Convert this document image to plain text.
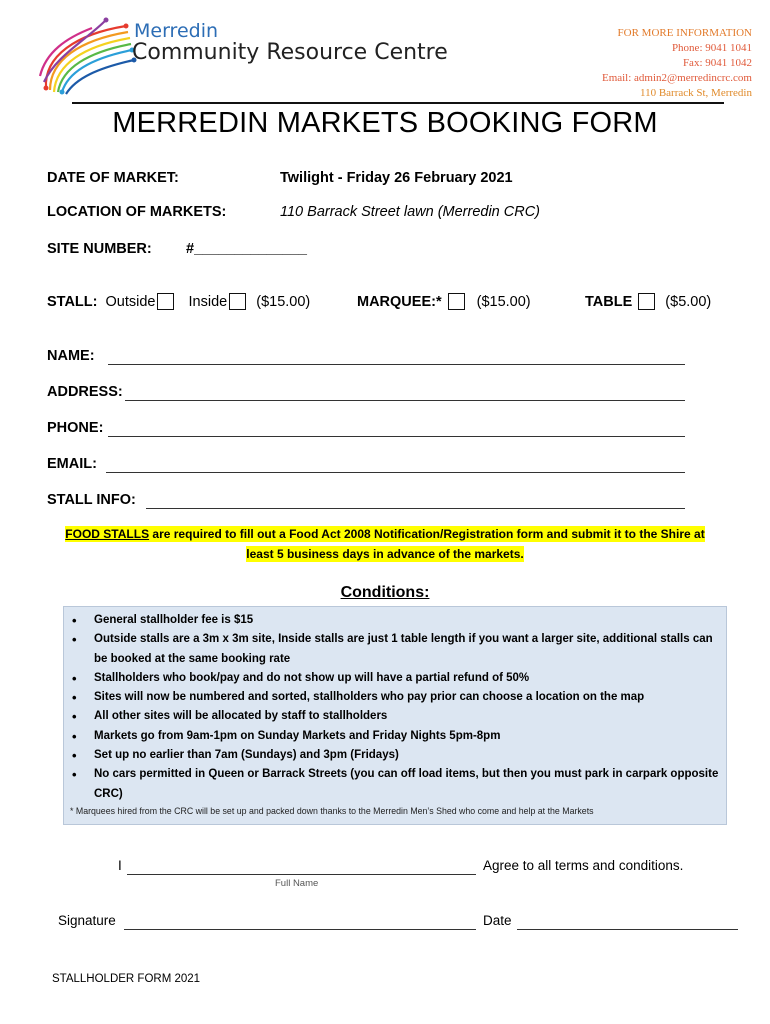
Merredin
Community Resource Centre
FOR MORE INFORMATION
Phone: 9041 1041
Fax: 9041 1042
Email: admin2@merredincrc.com
110 Barrack St, Merredin
MERREDIN MARKETS BOOKING FORM
DATE OF MARKET:	Twilight - Friday 26 February 2021
LOCATION OF MARKETS:	110 Barrack Street lawn (Merredin CRC)
SITE NUMBER: #______________
STALL: Outside Inside ($15.00)	MARQUEE:* ($15.00)	TABLE ($5.00)
NAME:
ADDRESS:
PHONE:
EMAIL:
STALL INFO:
FOOD STALLS are required to fill out a Food Act 2008 Notification/Registration form and submit it to the Shire at
least 5 business days in advance of the markets.
Conditions:
• General stallholder fee is $15
• Outside stalls are a 3m x 3m site, Inside stalls are just 1 table length if you want a larger site, additional stalls can be booked at the same booking rate
• Stallholders who book/pay and do not show up will have a partial refund of 50%
• Sites will now be numbered and sorted, stallholders who pay prior can choose a location on the map
• All other sites will be allocated by staff to stallholders
• Markets go from 9am-1pm on Sunday Markets and Friday Nights 5pm-8pm
• Set up no earlier than 7am (Sundays) and 3pm (Fridays)
• No cars permitted in Queen or Barrack Streets (you can off load items, but then you must park in carpark opposite CRC)
* Marquees hired from the CRC will be set up and packed down thanks to the Merredin Men’s Shed who come and help at the Markets
I	Agree to all terms and conditions.
Full Name
Signature	Date
STALLHOLDER FORM 2021
